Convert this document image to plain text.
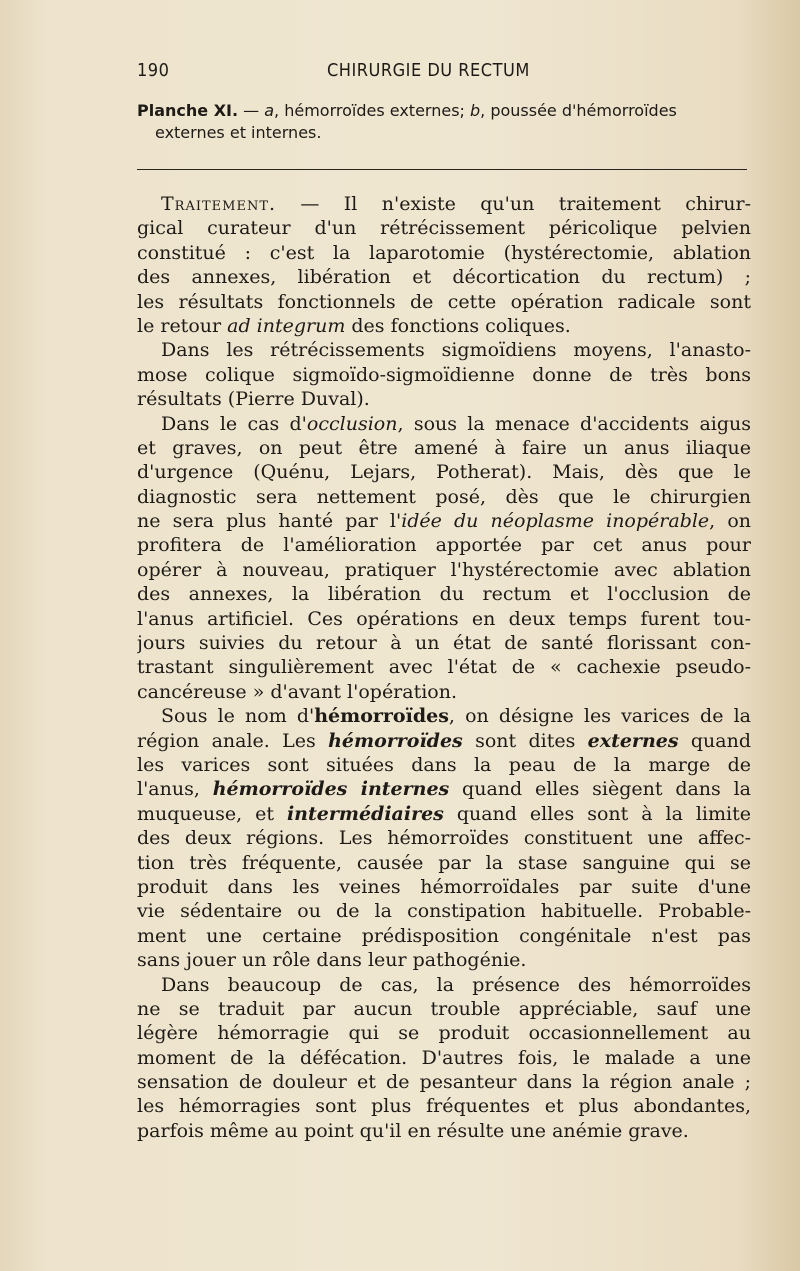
190	CHIRURGIE DU RECTUM
Planche XI. — a, hémorroïdes externes; b, poussée d'hémorroïdes
externes et internes.
Traitement. — Il n'existe qu'un traitement chirur-
gical curateur d'un rétrécissement péricolique pelvien
constitué : c'est la laparotomie (hystérectomie, ablation
des annexes, libération et décortication du rectum) ;
les résultats fonctionnels de cette opération radicale sont
le retour ad integrum des fonctions coliques.
Dans les rétrécissements sigmoïdiens moyens, l'anasto-
mose colique sigmoïdo-sigmoïdienne donne de très bons
résultats (Pierre Duval).
Dans le cas d'occlusion, sous la menace d'accidents aigus
et graves, on peut être amené à faire un anus iliaque
d'urgence (Quénu, Lejars, Potherat). Mais, dès que le
diagnostic sera nettement posé, dès que le chirurgien
ne sera plus hanté par l'idée du néoplasme inopérable, on
profitera de l'amélioration apportée par cet anus pour
opérer à nouveau, pratiquer l'hystérectomie avec ablation
des annexes, la libération du rectum et l'occlusion de
l'anus artificiel. Ces opérations en deux temps furent tou-
jours suivies du retour à un état de santé florissant con-
trastant singulièrement avec l'état de « cachexie pseudo-
cancéreuse » d'avant l'opération.
Sous le nom d'hémorroïdes, on désigne les varices de la
région anale. Les hémorroïdes sont dites externes quand
les varices sont situées dans la peau de la marge de
l'anus, hémorroïdes internes quand elles siègent dans la
muqueuse, et intermédiaires quand elles sont à la limite
des deux régions. Les hémorroïdes constituent une affec-
tion très fréquente, causée par la stase sanguine qui se
produit dans les veines hémorroïdales par suite d'une
vie sédentaire ou de la constipation habituelle. Probable-
ment une certaine prédisposition congénitale n'est pas
sans jouer un rôle dans leur pathogénie.
Dans beaucoup de cas, la présence des hémorroïdes
ne se traduit par aucun trouble appréciable, sauf une
légère hémorragie qui se produit occasionnellement au
moment de la défécation. D'autres fois, le malade a une
sensation de douleur et de pesanteur dans la région anale ;
les hémorragies sont plus fréquentes et plus abondantes,
parfois même au point qu'il en résulte une anémie grave.
